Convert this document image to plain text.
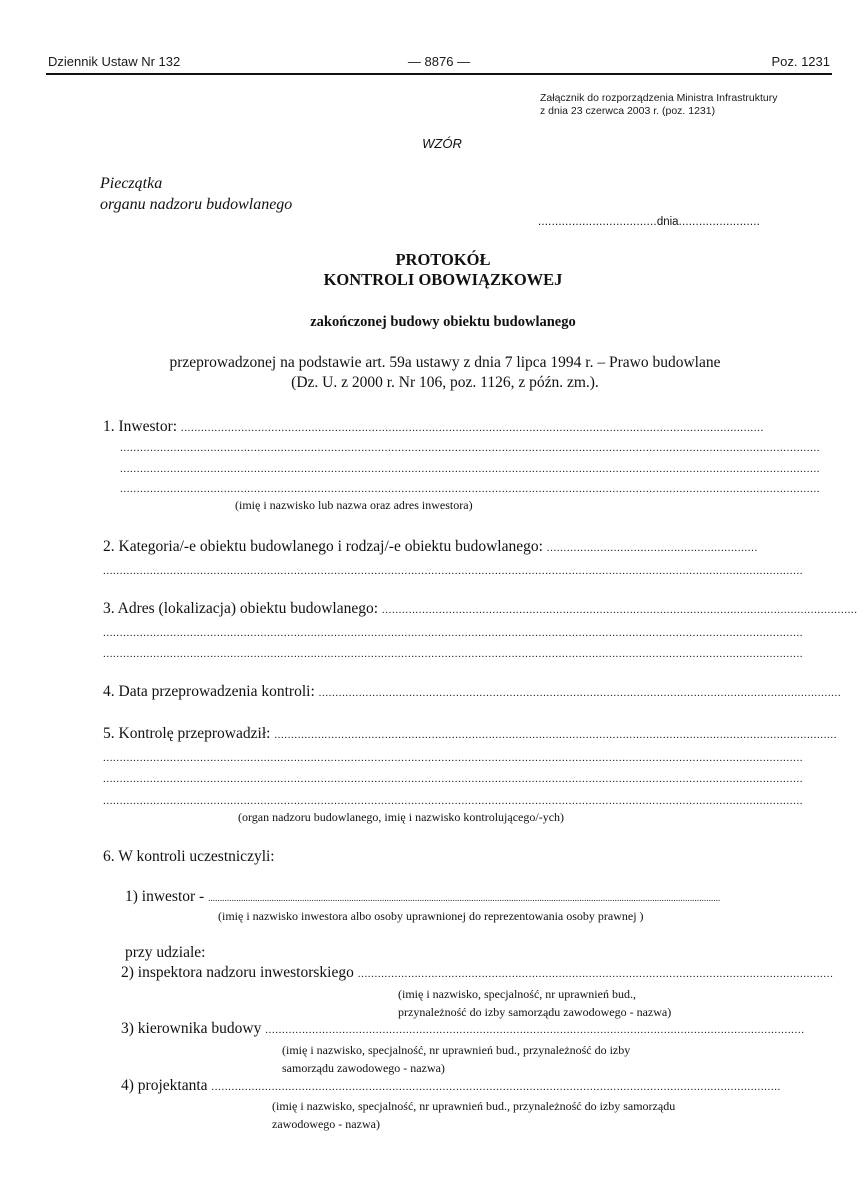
Dziennik Ustaw Nr 132	— 8876 —	Poz. 1231
Załącznik do rozporządzenia Ministra Infrastruktury
z dnia 23 czerwca 2003 r. (poz. 1231)
WZÓR
Pieczątka
organu nadzoru budowlanego
...................................dnia........................
PROTOKÓŁ
KONTROLI OBOWIĄZKOWEJ
zakończonej budowy obiektu budowlanego
przeprowadzonej na podstawie art. 59a ustawy z dnia 7 lipca 1994 r. – Prawo budowlane
(Dz. U. z 2000 r. Nr 106, poz. 1126, z późn. zm.).
1. Inwestor: ..............................................................................................................................................................................
.................................................................................................................................................................................................................
.................................................................................................................................................................................................................
.................................................................................................................................................................................................................
(imię i nazwisko lub nazwa oraz adres inwestora)
2. Kategoria/-e obiektu budowlanego i rodzaj/-e obiektu budowlanego: ...............................................................
.................................................................................................................................................................................................................
3. Adres (lokalizacja) obiektu budowlanego: ..............................................................................................................................................
.................................................................................................................................................................................................................
.................................................................................................................................................................................................................
4. Data przeprowadzenia kontroli: ............................................................................................................................................................
5. Kontrolę przeprowadził: ........................................................................................................................................................................
.................................................................................................................................................................................................................
.................................................................................................................................................................................................................
.................................................................................................................................................................................................................
(organ nadzoru budowlanego, imię i nazwisko kontrolującego/-ych)
6. W kontroli uczestniczyli:
1) inwestor - ..........................................................................................................................................................................................................................
(imię i nazwisko inwestora albo osoby uprawnionej do reprezentowania osoby prawnej )
przy udziale:
2) inspektora nadzoru inwestorskiego ..............................................................................................................................................
(imię i nazwisko, specjalność, nr uprawnień bud.,
przynależność do izby samorządu zawodowego - nazwa)
3) kierownika budowy .................................................................................................................................................................
(imię i nazwisko, specjalność, nr uprawnień bud., przynależność do izby
samorządu zawodowego - nazwa)
4) projektanta ..........................................................................................................................................................................
(imię i nazwisko, specjalność, nr uprawnień bud., przynależność do izby samorządu
zawodowego - nazwa)
